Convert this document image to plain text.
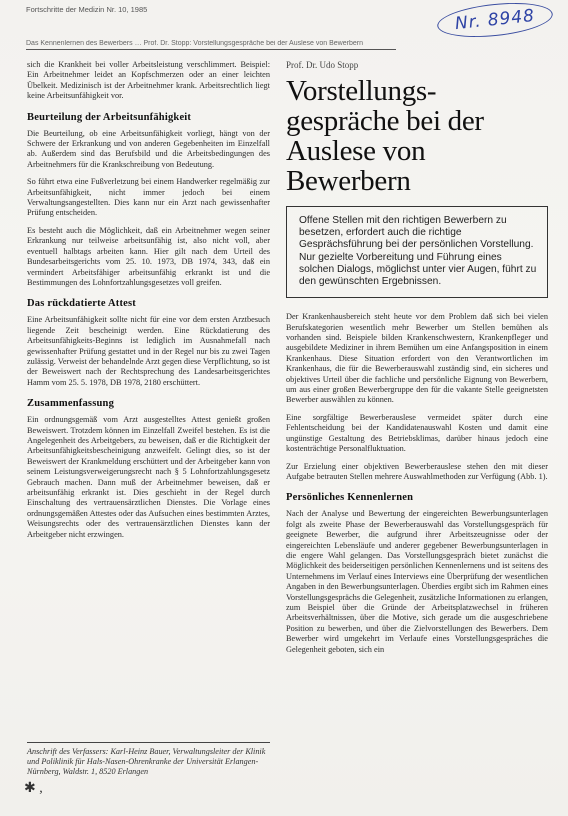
Fortschritte der Medizin Nr. 10, 1985	Nr. 8948
Das Kennenlernen des Bewerbers … Prof. Dr. Stopp: Vorstellungsgespräche bei der Auslese von Bewerbern

sich die Krankheit bei voller Arbeitsleistung verschlimmert. Beispiel: Ein Arbeitnehmer leidet an Kopfschmerzen oder an einer leichten Übelkeit. Medizinisch ist der Arbeitnehmer krank. Arbeitsrechtlich liegt keine Arbeitsunfähigkeit vor.

Beurteilung der Arbeitsunfähigkeit

Die Beurteilung, ob eine Arbeitsunfähigkeit vorliegt, hängt von der Schwere der Erkrankung und von anderen Gegebenheiten im Einzelfall ab. Außerdem sind das Berufsbild und die Arbeitsbedingungen des Arbeitnehmers für die Krankschreibung von Bedeutung.

So führt etwa eine Fußverletzung bei einem Handwerker regelmäßig zur Arbeitsunfähigkeit, nicht immer jedoch bei einem Verwaltungsangestellten. Dies kann nur ein Arzt nach gewissenhafter Prüfung entscheiden.

Es besteht auch die Möglichkeit, daß ein Arbeitnehmer wegen seiner Erkrankung nur teilweise arbeitsunfähig ist, also nicht voll, aber eventuell halbtags arbeiten kann. Hier gilt nach dem Urteil des Bundesarbeitsgerichts vom 25. 10. 1973, DB 1974, 343, daß ein vermindert Arbeitsfähiger arbeitsunfähig erkrankt ist und die Bestimmungen des Lohnfortzahlungsgesetzes voll greifen.

Das rückdatierte Attest

Eine Arbeitsunfähigkeit sollte nicht für eine vor dem ersten Arztbesuch liegende Zeit bescheinigt werden. Eine Rückdatierung des Arbeitsunfähigkeits-Beginns ist lediglich im Ausnahmefall nach gewissenhafter Prüfung gestattet und in der Regel nur bis zu zwei Tagen zulässig. Verweist der behandelnde Arzt gegen diese Verpflichtung, so ist der Beweiswert nach der Rechtsprechung des Landesarbeitsgerichtes Hamm vom 25. 5. 1978, DB 1978, 2180 erschüttert.

Zusammenfassung

Ein ordnungsgemäß vom Arzt ausgestelltes Attest genießt großen Beweiswert. Trotzdem können im Einzelfall Zweifel bestehen. Es ist die Angelegenheit des Arbeitgebers, zu beweisen, daß er die Richtigkeit der Arbeitsunfähigkeitsbescheinigung anzweifelt. Gelingt dies, so ist der Beweiswert der Krankmeldung erschüttert und der Arbeitgeber kann von seinem Leistungsverweigerungsrecht nach § 5 Lohnfortzahlungsgesetz Gebrauch machen. Dann muß der Arbeitnehmer beweisen, daß er arbeitsunfähig erkrankt ist. Dies geschieht in der Regel durch Einschaltung des vertrauensärztlichen Dienstes. Die Vorlage eines ordnungsgemäßen Attestes oder das Aufsuchen eines bestimmten Arztes, Weisungsrechts oder des vertrauensärztlichen Dienstes kann der Arbeitgeber nicht erzwingen.

Anschrift des Verfassers: Karl-Heinz Bauer, Verwaltungsleiter der Klinik und Poliklinik für Hals-Nasen-Ohrenkranke der Universität Erlangen-Nürnberg, Waldstr. 1, 8520 Erlangen
Prof. Dr. Udo Stopp
Vorstellungs- gespräche bei der Auslese von Bewerbern

Offene Stellen mit den richtigen Bewerbern zu besetzen, erfordert auch die richtige Gesprächsführung bei der persönlichen Vorstellung. Nur gezielte Vorbereitung und Führung eines solchen Dialogs, möglichst unter vier Augen, führt zu den gewünschten Ergebnissen.

Der Krankenhausbereich steht heute vor dem Problem daß sich bei vielen Berufskategorien wesentlich mehr Bewerber um Stellen bemühen als vorhanden sind. Beispiele bilden Krankenschwestern, Krankenpfleger und ausgebildete Mediziner in ihrem Bemühen um eine Anfangsposition in einem Krankenhaus. Diese Situation erfordert von den Verantwortlichen im Krankenhaus, die für die Bewerberauswahl zuständig sind, ein sicheres und objektives Urteil über die fachliche und persönliche Eignung von Bewerbern, um aus einer großen Bewerbergruppe den für die vakante Stelle geeignetsten Bewerber auswählen zu können.

Eine sorgfältige Bewerberauslese vermeidet später durch eine Fehlentscheidung bei der Kandidatenauswahl Kosten und damit eine ungünstige Gestaltung des Betriebsklimas, darüber hinaus jedoch eine kostenträchtige Personalfluktuation.

Zur Erzielung einer objektiven Bewerberauslese stehen den mit dieser Aufgabe betrauten Stellen mehrere Auswahlmethoden zur Verfügung (Abb. 1).

Persönliches Kennenlernen

Nach der Analyse und Bewertung der eingereichten Bewerbungsunterlagen folgt als zweite Phase der Bewerberauswahl das Vorstellungsgespräch für geeignete Bewerber, die aufgrund ihrer Arbeitszeugnisse oder der eingereichten Lebensläufe und anderer gegebener Bewerbungsunterlagen in die engere Wahl gelangen. Das Vorstellungsgespräch bietet zunächst die Möglichkeit des beiderseitigen persönlichen Kennenlernens und ist seitens des Unternehmens im Verlauf eines Interviews eine Überprüfung der wesentlichen Angaben in den Bewerbungsunterlagen. Überdies ergibt sich im Rahmen eines Vorstellungsgesprächs die Gelegenheit, zusätzliche Informationen zu erlangen, zum Beispiel über die Gründe der Arbeitsplatzwechsel in früheren Arbeitsverhältnissen, über die Motive, sich gerade um die ausgeschriebene Position zu bewerben, und über die Zielvorstellungen des Bewerbers. Dem Bewerber wird umgekehrt im Verlaufe eines Vorstellungsgespräches die Gelegenheit geboten, sich ein

✱ ,
